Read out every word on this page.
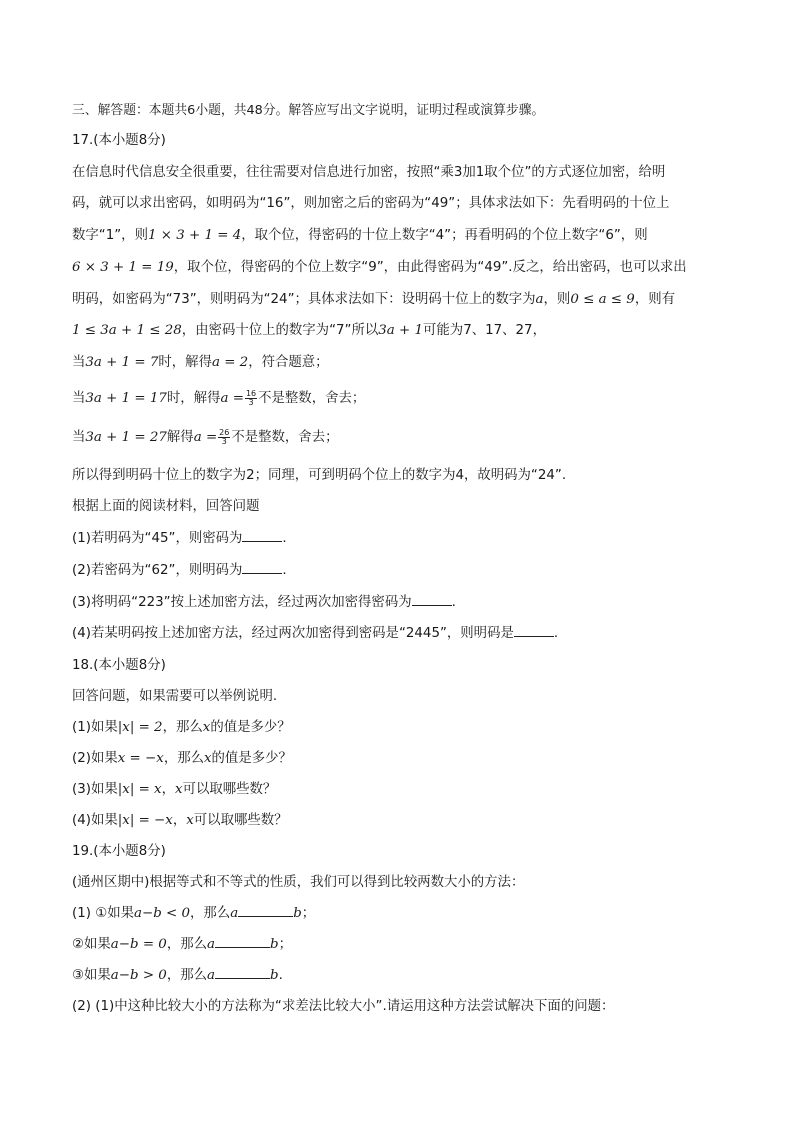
三、解答题：本题共6小题，共48分。解答应写出文字说明，证明过程或演算步骤。
17.(本小题8分)
在信息时代信息安全很重要，往往需要对信息进行加密，按照“乘3加1取个位”的方式逐位加密，给明
码，就可以求出密码，如明码为“16”，则加密之后的密码为“49”；具体求法如下：先看明码的十位上
数字“1”，则1 × 3 + 1 = 4，取个位，得密码的十位上数字“4”；再看明码的个位上数字“6”，则
6 × 3 + 1 = 19，取个位，得密码的个位上数字“9”，由此得密码为“49”.反之，给出密码，也可以求出
明码，如密码为“73”，则明码为“24”；具体求法如下：设明码十位上的数字为a，则0 ≤ a ≤ 9，则有
1 ≤ 3a + 1 ≤ 28，由密码十位上的数字为“7”所以3a + 1可能为7、17、27，
当3a + 1 = 7时，解得a = 2，符合题意；
当3a + 1 = 17时，解得$a = \frac{16}{3}$ 不是整数，舍去；
当3a + 1 = 27解得$a = \frac{26}{3}$ 不是整数，舍去；
所以得到明码十位上的数字为2；同理，可到明码个位上的数字为4，故明码为“24”.
根据上面的阅读材料，回答问题
(1)若明码为“45”，则密码为	.
(2)若密码为“62”，则明码为	.
(3)将明码“223”按上述加密方法，经过两次加密得密码为	.
(4)若某明码按上述加密方法，经过两次加密得到密码是“2445”，则明码是	.
18.(本小题8分)
回答问题，如果需要可以举例说明.
(1)如果|x| = 2，那么x的值是多少？
(2)如果x = −x，那么x的值是多少？
(3)如果|x| = x，x可以取哪些数？
(4)如果|x| = −x，x可以取哪些数？
19.(本小题8分)
(通州区期中)根据等式和不等式的性质，我们可以得到比较两数大小的方法：
(1) ①如果a−b < 0，那么a	b；
②如果a−b = 0，那么a	b；
③如果a−b > 0，那么a	b.
(2) (1)中这种比较大小的方法称为“求差法比较大小”.请运用这种方法尝试解决下面的问题：
